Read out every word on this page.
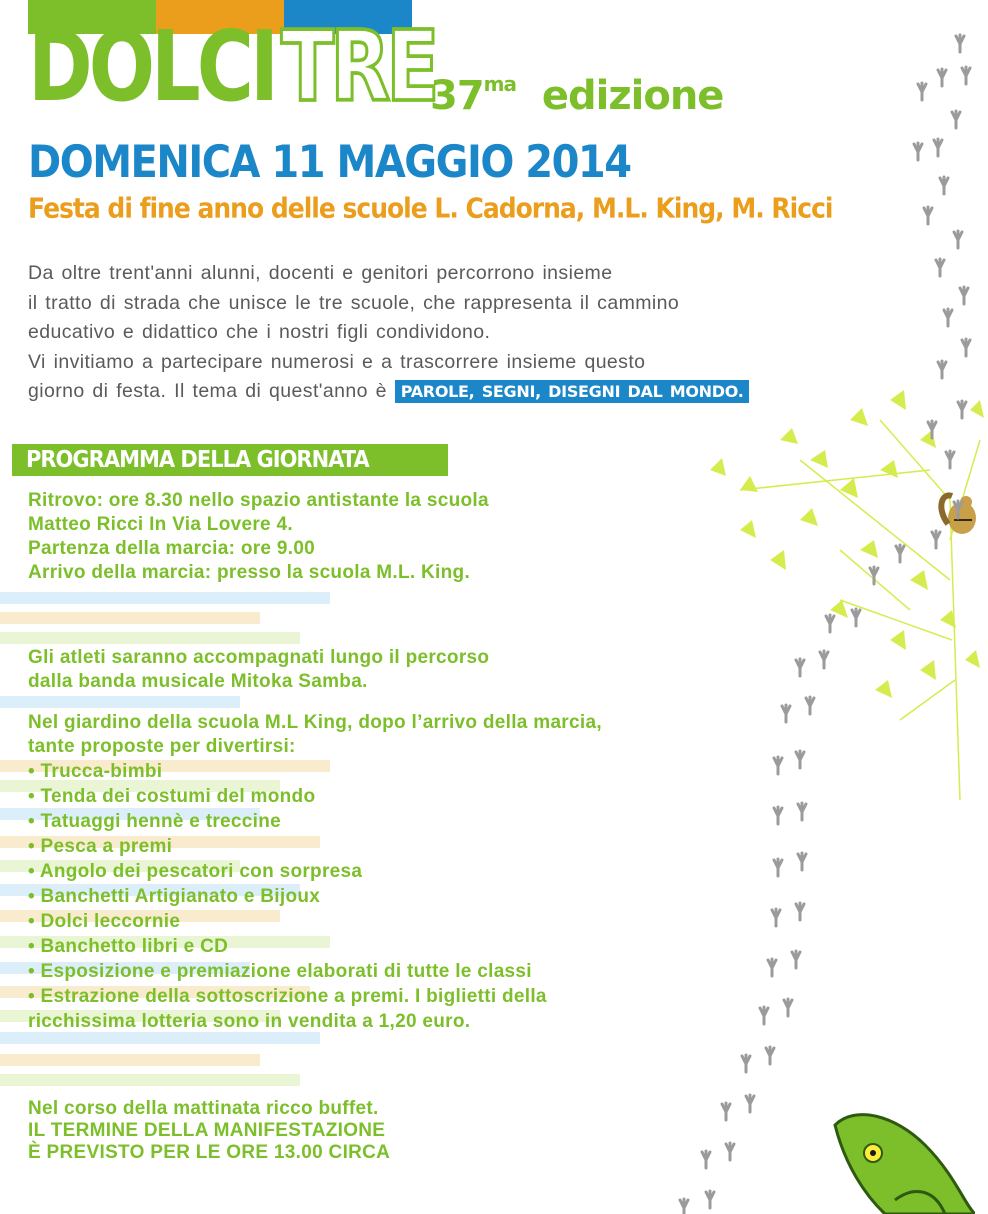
DOLCITRE
$37^{ma}$ edizione
DOMENICA 11 MAGGIO 2014
Festa di fine anno delle scuole L. Cadorna, M.L. King, M. Ricci

Da oltre trent'anni alunni, docenti e genitori percorrono insieme

il tratto di strada che unisce le tre scuole, che rappresenta il cammino

educativo e didattico che i nostri figli condividono.

Vi invitiamo a partecipare numerosi e a trascorrere insieme questo

giorno di festa. Il tema di quest'anno è PAROLE, SEGNI, DISEGNI DAL MONDO.

PROGRAMMA DELLA GIORNATA

Ritrovo: ore 8.30 nello spazio antistante la scuola

Matteo Ricci In Via Lovere 4.

Partenza della marcia: ore 9.00

Arrivo della marcia: presso la scuola M.L. King.

Gli atleti saranno accompagnati lungo il percorso

dalla banda musicale Mitoka Samba.

Nel giardino della scuola M.L King, dopo l’arrivo della marcia,

tante proposte per divertirsi:

• Trucca-bimbi
• Tenda dei costumi del mondo
• Tatuaggi hennè e treccine
• Pesca a premi
• Angolo dei pescatori con sorpresa
• Banchetti Artigianato e Bijoux
• Dolci leccornie
• Banchetto libri e CD
• Esposizione e premiazione elaborati di tutte le classi
• Estrazione della sottoscrizione a premi. I biglietti della
ricchissima lotteria sono in vendita a 1,20 euro.

Nel corso della mattinata ricco buffet.

IL TERMINE DELLA MANIFESTAZIONE

È PREVISTO PER LE ORE 13.00 CIRCA
